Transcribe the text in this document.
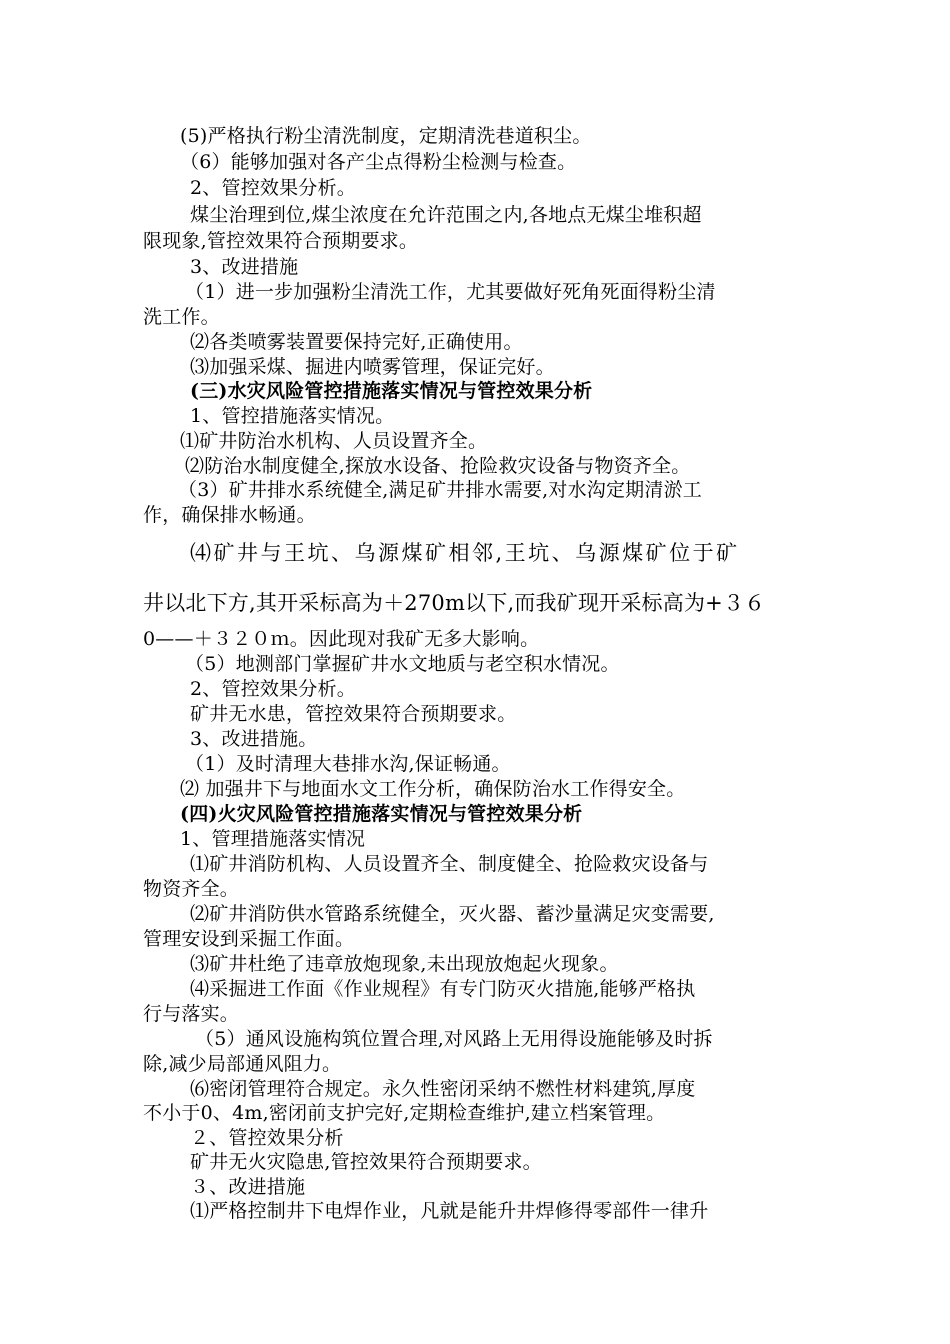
(5)严格执行粉尘清洗制度，定期清洗巷道积尘。
（6）能够加强对各产尘点得粉尘检测与检查。
2、管控效果分析。
煤尘治理到位,煤尘浓度在允许范围之内,各地点无煤尘堆积超
限现象,管控效果符合预期要求。
3、改进措施
（1）进一步加强粉尘清洗工作，尤其要做好死角死面得粉尘清
洗工作。
⑵各类喷雾装置要保持完好,正确使用。
⑶加强采煤、掘进内喷雾管理，保证完好。
(三)水灾风险管控措施落实情况与管控效果分析
1、管控措施落实情况。
⑴矿井防治水机构、人员设置齐全。
⑵防治水制度健全,探放水设备、抢险救灾设备与物资齐全。
（3）矿井排水系统健全,满足矿井排水需要,对水沟定期清淤工
作，确保排水畅通。
⑷矿井与王坑、乌源煤矿相邻,王坑、乌源煤矿位于矿
井以北下方,其开采标高为＋270m以下,而我矿现开采标高为+３６
0——＋３２０ｍ。因此现对我矿无多大影响。
（5）地测部门掌握矿井水文地质与老空积水情况。
2、管控效果分析。
矿井无水患，管控效果符合预期要求。
3、改进措施。
（1）及时清理大巷排水沟,保证畅通。
⑵ 加强井下与地面水文工作分析，确保防治水工作得安全。
(四)火灾风险管控措施落实情况与管控效果分析
1、管理措施落实情况
⑴矿井消防机构、人员设置齐全、制度健全、抢险救灾设备与
物资齐全。
⑵矿井消防供水管路系统健全，灭火器、蓄沙量满足灾变需要,
管理安设到采掘工作面。
⑶矿井杜绝了违章放炮现象,未出现放炮起火现象。
⑷采掘进工作面《作业规程》有专门防灭火措施,能够严格执
行与落实。
（5）通风设施构筑位置合理,对风路上无用得设施能够及时拆
除,减少局部通风阻力。
⑹密闭管理符合规定。永久性密闭采纳不燃性材料建筑,厚度
不小于0、4m,密闭前支护完好,定期检查维护,建立档案管理。
２、管控效果分析
矿井无火灾隐患,管控效果符合预期要求。
３、改进措施
⑴严格控制井下电焊作业，凡就是能升井焊修得零部件一律升
